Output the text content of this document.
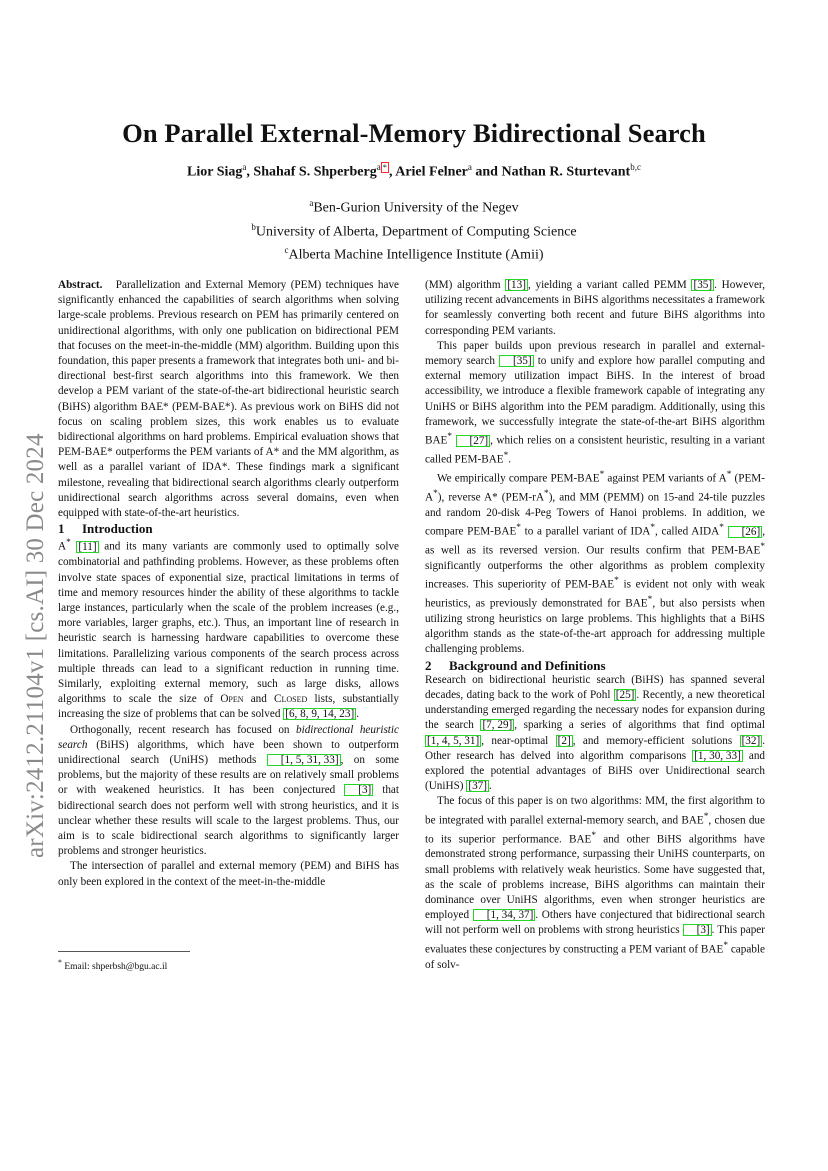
arXiv:2412.21104v1 [cs.AI] 30 Dec 2024
On Parallel External-Memory Bidirectional Search
Lior Siag$^a$, Shahaf S. Shperberg$^a$ * , Ariel Felner$^a$ and Nathan R. Sturtevant$^{b,c}$
$^a$Ben-Gurion University of the Negev
$^b$University of Alberta, Department of Computing Science
$^c$Alberta Machine Intelligence Institute (Amii)

Abstract. Parallelization and External Memory (PEM) techniques have significantly enhanced the capabilities of search algorithms when solving large-scale problems. Previous research on PEM has primarily centered on unidirectional algorithms, with only one publication on bidirectional PEM that focuses on the meet-in-the-middle (MM) algorithm. Building upon this foundation, this paper presents a framework that integrates both uni- and bi-directional best-first search algorithms into this framework. We then develop a PEM variant of the state-of-the-art bidirectional heuristic search (BiHS) algorithm BAE* (PEM-BAE*). As previous work on BiHS did not focus on scaling problem sizes, this work enables us to evaluate bidirectional algorithms on hard problems. Empirical evaluation shows that PEM-BAE* outperforms the PEM variants of A* and the MM algorithm, as well as a parallel variant of IDA*. These findings mark a significant milestone, revealing that bidirectional search algorithms clearly outperform unidirectional search algorithms across several domains, even when equipped with state-of-the-art heuristics.

1 Introduction

A* [11] and its many variants are commonly used to optimally solve combinatorial and pathfinding problems. However, as these problems often involve state spaces of exponential size, practical limitations in terms of time and memory resources hinder the ability of these algorithms to tackle large instances, particularly when the scale of the problem increases (e.g., more variables, larger graphs, etc.). Thus, an important line of research in heuristic search is harnessing hardware capabilities to overcome these limitations. Parallelizing various components of the search process across multiple threads can lead to a significant reduction in running time. Similarly, exploiting external memory, such as large disks, allows algorithms to scale the size of Open and Closed lists, substantially increasing the size of problems that can be solved [6, 8, 9, 14, 23] .

Orthogonally, recent research has focused on bidirectional heuristic search (BiHS) algorithms, which have been shown to outperform unidirectional search (UniHS) methods [1, 5, 31, 33] , on some problems, but the majority of these results are on relatively small problems or with weakened heuristics. It has been conjectured [3] that bidirectional search does not perform well with strong heuristics, and it is unclear whether these results will scale to the largest problems. Thus, our aim is to scale bidirectional search algorithms to significantly larger problems and stronger heuristics.

The intersection of parallel and external memory (PEM) and BiHS has only been explored in the context of the meet-in-the-middle

* Email: shperbsh@bgu.ac.il

(MM) algorithm [13] , yielding a variant called PEMM [35] . However, utilizing recent advancements in BiHS algorithms necessitates a framework for seamlessly converting both recent and future BiHS algorithms into corresponding PEM variants.

This paper builds upon previous research in parallel and external-memory search [35] to unify and explore how parallel computing and external memory utilization impact BiHS. In the interest of broad accessibility, we introduce a flexible framework capable of integrating any UniHS or BiHS algorithm into the PEM paradigm. Additionally, using this framework, we successfully integrate the state-of-the-art BiHS algorithm BAE* [27] , which relies on a consistent heuristic, resulting in a variant called PEM-BAE*.

We empirically compare PEM-BAE* against PEM variants of A* (PEM-A*), reverse A* (PEM-rA*), and MM (PEMM) on 15-and 24-tile puzzles and random 20-disk 4-Peg Towers of Hanoi problems. In addition, we compare PEM-BAE* to a parallel variant of IDA*, called AIDA* [26] , as well as its reversed version. Our results confirm that PEM-BAE* significantly outperforms the other algorithms as problem complexity increases. This superiority of PEM-BAE* is evident not only with weak heuristics, as previously demonstrated for BAE*, but also persists when utilizing strong heuristics on large problems. This highlights that a BiHS algorithm stands as the state-of-the-art approach for addressing multiple challenging problems.

2 Background and Definitions

Research on bidirectional heuristic search (BiHS) has spanned several decades, dating back to the work of Pohl [25] . Recently, a new theoretical understanding emerged regarding the necessary nodes for expansion during the search [7, 29] , sparking a series of algorithms that find optimal [1, 4, 5, 31] , near-optimal [2] , and memory-efficient solutions [32] . Other research has delved into algorithm comparisons [1, 30, 33] and explored the potential advantages of BiHS over Unidirectional search (UniHS) [37] .

The focus of this paper is on two algorithms: MM, the first algorithm to be integrated with parallel external-memory search, and BAE*, chosen due to its superior performance. BAE* and other BiHS algorithms have demonstrated strong performance, surpassing their UniHS counterparts, on small problems with relatively weak heuristics. Some have suggested that, as the scale of problems increase, BiHS algorithms can maintain their dominance over UniHS algorithms, even when stronger heuristics are employed [1, 34, 37] . Others have conjectured that bidirectional search will not perform well on problems with strong heuristics [3] . This paper evaluates these conjectures by constructing a PEM variant of BAE* capable of solv-
